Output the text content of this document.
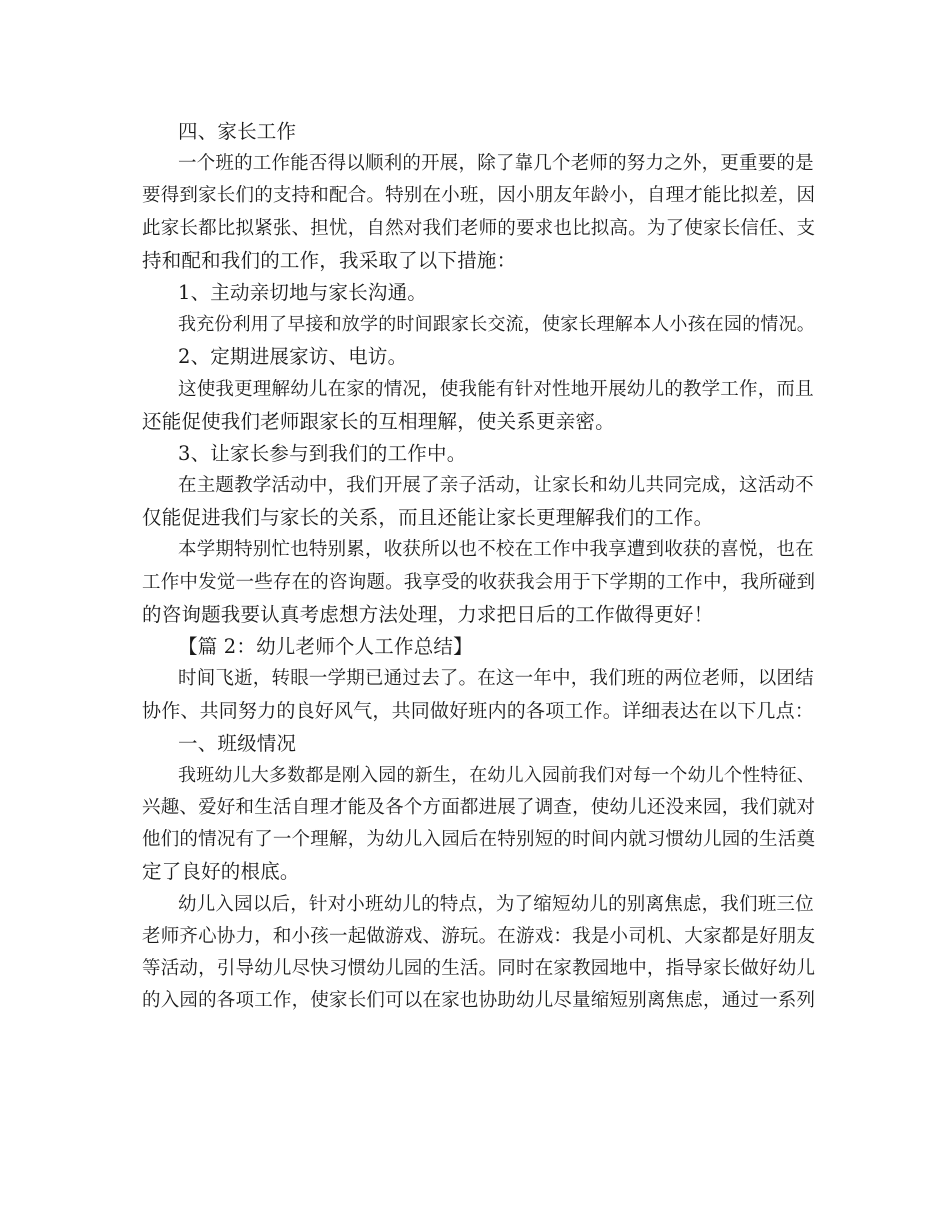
四、家长工作
一个班的工作能否得以顺利的开展，除了靠几个老师的努力之外，更重要的是
要得到家长们的支持和配合。特别在小班，因小朋友年龄小，自理才能比拟差，因
此家长都比拟紧张、担忧，自然对我们老师的要求也比拟高。为了使家长信任、支
持和配和我们的工作，我采取了以下措施：
1、主动亲切地与家长沟通。
我充份利用了早接和放学的时间跟家长交流，使家长理解本人小孩在园的情况。
2、定期进展家访、电访。
这使我更理解幼儿在家的情况，使我能有针对性地开展幼儿的教学工作，而且
还能促使我们老师跟家长的互相理解，使关系更亲密。
3、让家长参与到我们的工作中。
在主题教学活动中，我们开展了亲子活动，让家长和幼儿共同完成，这活动不
仅能促进我们与家长的关系，而且还能让家长更理解我们的工作。
本学期特别忙也特别累，收获所以也不校在工作中我享遭到收获的喜悦，也在
工作中发觉一些存在的咨询题。我享受的收获我会用于下学期的工作中，我所碰到
的咨询题我要认真考虑想方法处理，力求把日后的工作做得更好！
【篇 2：幼儿老师个人工作总结】
时间飞逝，转眼一学期已通过去了。在这一年中，我们班的两位老师，以团结
协作、共同努力的良好风气，共同做好班内的各项工作。详细表达在以下几点：
一、班级情况
我班幼儿大多数都是刚入园的新生，在幼儿入园前我们对每一个幼儿个性特征、
兴趣、爱好和生活自理才能及各个方面都进展了调查，使幼儿还没来园，我们就对
他们的情况有了一个理解，为幼儿入园后在特别短的时间内就习惯幼儿园的生活奠
定了良好的根底。
幼儿入园以后，针对小班幼儿的特点，为了缩短幼儿的别离焦虑，我们班三位
老师齐心协力，和小孩一起做游戏、游玩。在游戏：我是小司机、大家都是好朋友
等活动，引导幼儿尽快习惯幼儿园的生活。同时在家教园地中，指导家长做好幼儿
的入园的各项工作，使家长们可以在家也协助幼儿尽量缩短别离焦虑，通过一系列
